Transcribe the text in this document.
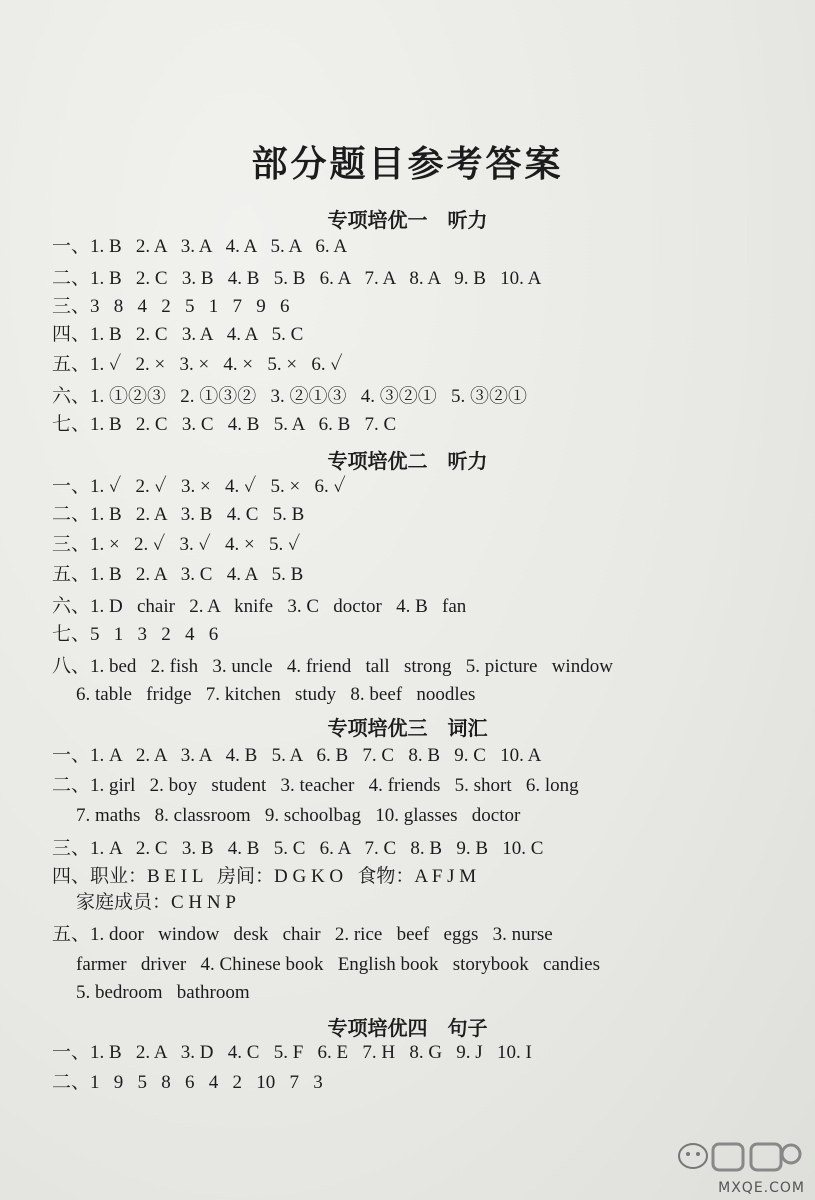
部分题目参考答案
专项培优一　听力
一、1. B   2. A   3. A   4. A   5. A   6. A
二、1. B   2. C   3. B   4. B   5. B   6. A   7. A   8. A   9. B   10. A
三、3   8   4   2   5   1   7   9   6
四、1. B   2. C   3. A   4. A   5. C
五、1. ✓   2. ×   3. ×   4. ×   5. ×   6. ✓
六、1. ①②③   2. ①③②   3. ②①③   4. ③②①   5. ③②①
七、1. B   2. C   3. C   4. B   5. A   6. B   7. C
专项培优二　听力
一、1. ✓   2. ✓   3. ×   4. ✓   5. ×   6. ✓
二、1. B   2. A   3. B   4. C   5. B
三、1. ×   2. ✓   3. ✓   4. ×   5. ✓
五、1. B   2. A   3. C   4. A   5. B
六、1. D   chair   2. A   knife   3. C   doctor   4. B   fan
七、5   1   3   2   4   6
八、1. bed   2. fish   3. uncle   4. friend   tall   strong   5. picture   window
6. table   fridge   7. kitchen   study   8. beef   noodles
专项培优三　词汇
一、1. A   2. A   3. A   4. B   5. A   6. B   7. C   8. B   9. C   10. A
二、1. girl   2. boy   student   3. teacher   4. friends   5. short   6. long
7. maths   8. classroom   9. schoolbag   10. glasses   doctor
三、1. A   2. C   3. B   4. B   5. C   6. A   7. C   8. B   9. B   10. C
四、职业：B E I L   房间：D G K O   食物：A F J M
家庭成员：C H N P
五、1. door   window   desk   chair   2. rice   beef   eggs   3. nurse
farmer   driver   4. Chinese book   English book   storybook   candies
5. bedroom   bathroom
专项培优四　句子
一、1. B   2. A   3. D   4. C   5. F   6. E   7. H   8. G   9. J   10. I
二、1   9   5   8   6   4   2   10   7   3
MXQE.COM
